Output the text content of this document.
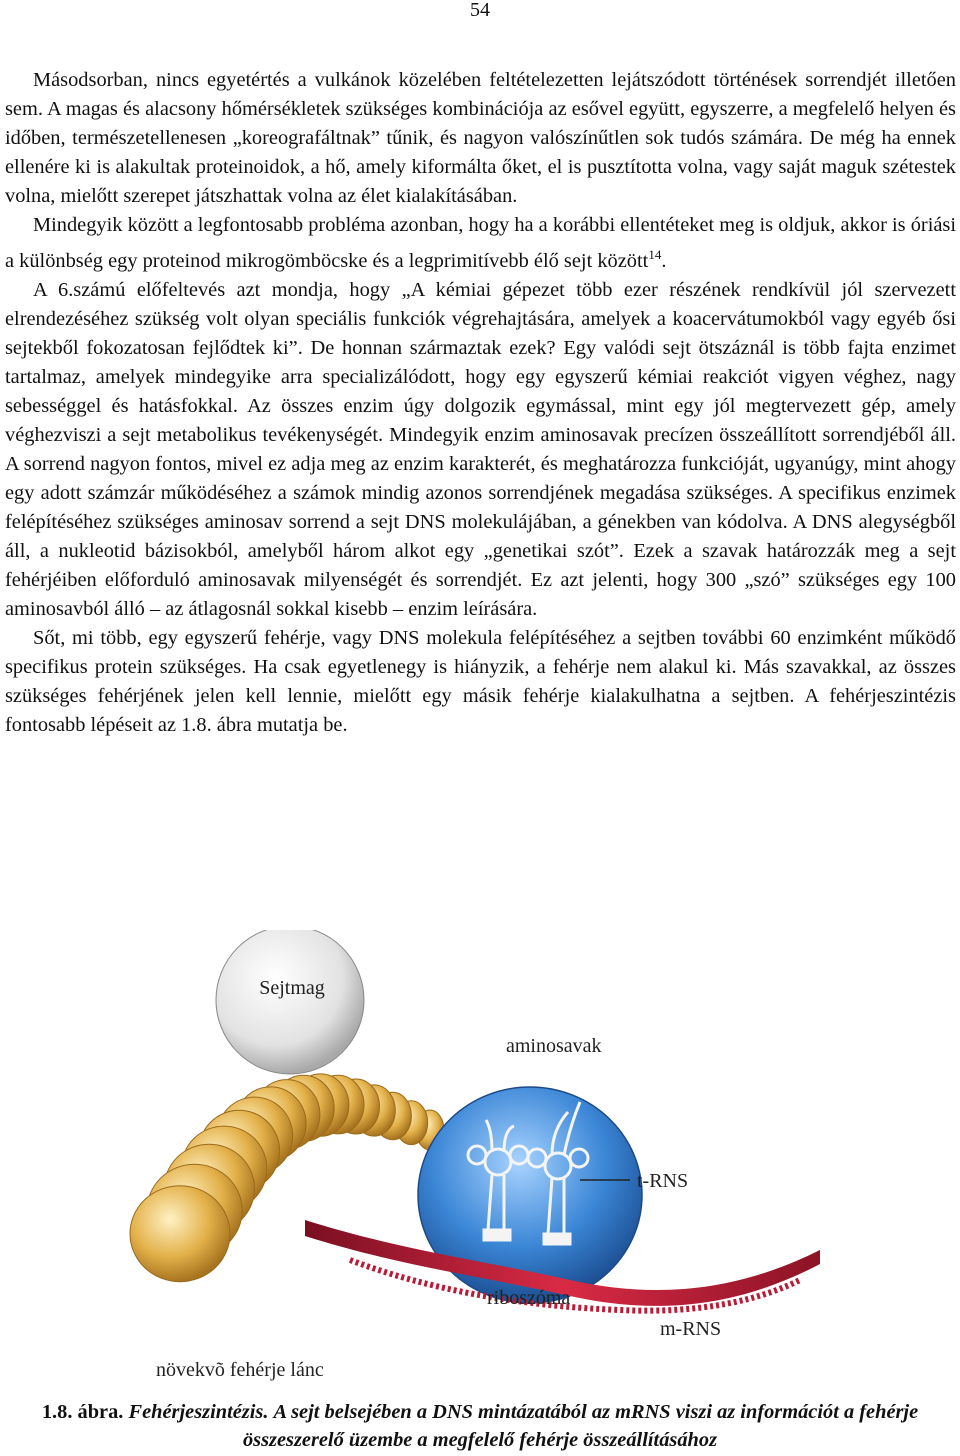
54

Másodsorban, nincs egyetértés a vulkánok közelében feltételezetten lejátszódott történések sorrendjét illetően sem. A magas és alacsony hőmérsékletek szükséges kombinációja az esővel együtt, egyszerre, a megfelelő helyen és időben, természetellenesen „koreografáltnak” tűnik, és nagyon valószínűtlen sok tudós számára. De még ha ennek ellenére ki is alakultak proteinoidok, a hő, amely kiformálta őket, el is pusztította volna, vagy saját maguk szétestek volna, mielőtt szerepet játszhattak volna az élet kialakításában.

Mindegyik között a legfontosabb probléma azonban, hogy ha a korábbi ellentéteket meg is oldjuk, akkor is óriási a különbség egy proteinod mikrogömböcske és a legprimitívebb élő sejt között$^{14}$.

A 6.számú előfeltevés azt mondja, hogy „A kémiai gépezet több ezer részének rendkívül jól szervezett elrendezéséhez szükség volt olyan speciális funkciók végrehajtására, amelyek a koacervátumokból vagy egyéb ősi sejtekből fokozatosan fejlődtek ki”. De honnan származtak ezek? Egy valódi sejt ötszáznál is több fajta enzimet tartalmaz, amelyek mindegyike arra specializálódott, hogy egy egyszerű kémiai reakciót vigyen véghez, nagy sebességgel és hatásfokkal. Az összes enzim úgy dolgozik egymással, mint egy jól megtervezett gép, amely véghezviszi a sejt metabolikus tevékenységét. Mindegyik enzim aminosavak precízen összeállított sorrendjéből áll. A sorrend nagyon fontos, mivel ez adja meg az enzim karakterét, és meghatározza funkcióját, ugyanúgy, mint ahogy egy adott számzár működéséhez a számok mindig azonos sorrendjének megadása szükséges. A specifikus enzimek felépítéséhez szükséges aminosav sorrend a sejt DNS molekulájában, a génekben van kódolva. A DNS alegységből áll, a nukleotid bázisokból, amelyből három alkot egy „genetikai szót”. Ezek a szavak határozzák meg a sejt fehérjéiben előforduló aminosavak milyenségét és sorrendjét. Ez azt jelenti, hogy 300 „szó” szükséges egy 100 aminosavból álló – az átlagosnál sokkal kisebb – enzim leírására.

Sőt, mi több, egy egyszerű fehérje, vagy DNS molekula felépítéséhez a sejtben további 60 enzimként működő specifikus protein szükséges. Ha csak egyetlenegy is hiányzik, a fehérje nem alakul ki. Más szavakkal, az összes szükséges fehérjének jelen kell lennie, mielőtt egy másik fehérje kialakulhatna a sejtben. A fehérjeszintézis fontosabb lépéseit az 1.8. ábra mutatja be.

Sejtmag
aminosavak
t-RNS
riboszóma
m-RNS
növekvõ fehérje lánc
1.8. ábra. Fehérjeszintézis. A sejt belsejében a DNS mintázatából az mRNS viszi az információt a fehérje összeszerelő üzembe a megfelelő fehérje összeállításához
